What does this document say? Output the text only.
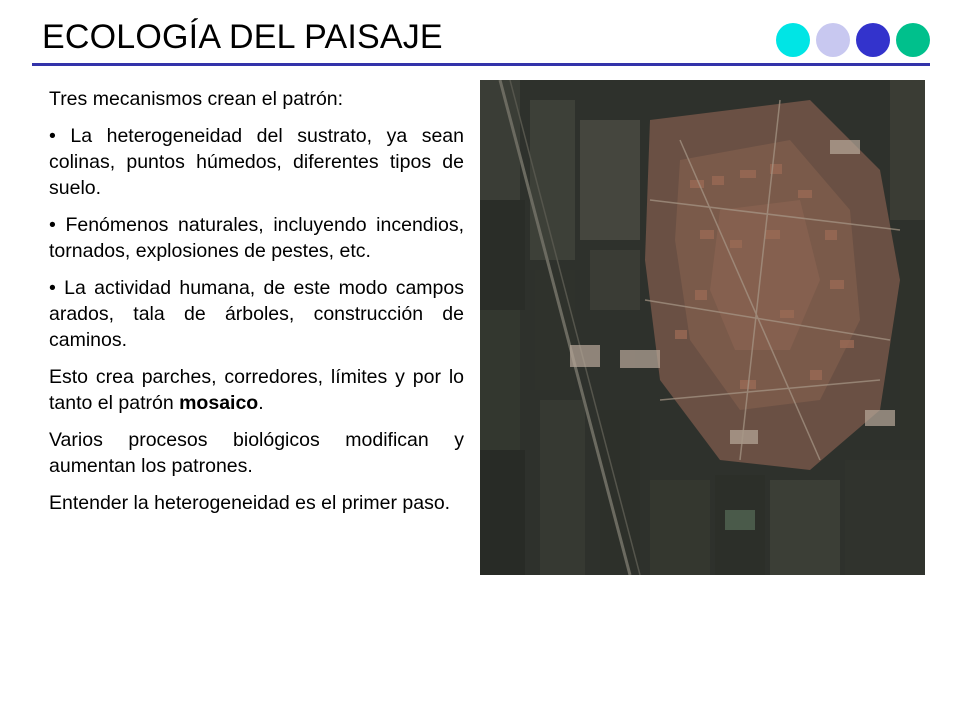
ECOLOGÍA DEL PAISAJE

Tres mecanismos crean el patrón:

• La heterogeneidad del sustrato, ya sean colinas, puntos húmedos, diferentes tipos de suelo.

• Fenómenos naturales, incluyendo incendios, tornados, explosiones de pestes, etc.

• La actividad humana, de este modo campos arados, tala de árboles, construcción de caminos.

Esto crea parches, corredores, límites y por lo tanto el patrón mosaico.

Varios procesos biológicos modifican y aumentan los patrones.

Entender la heterogeneidad es el primer paso.
